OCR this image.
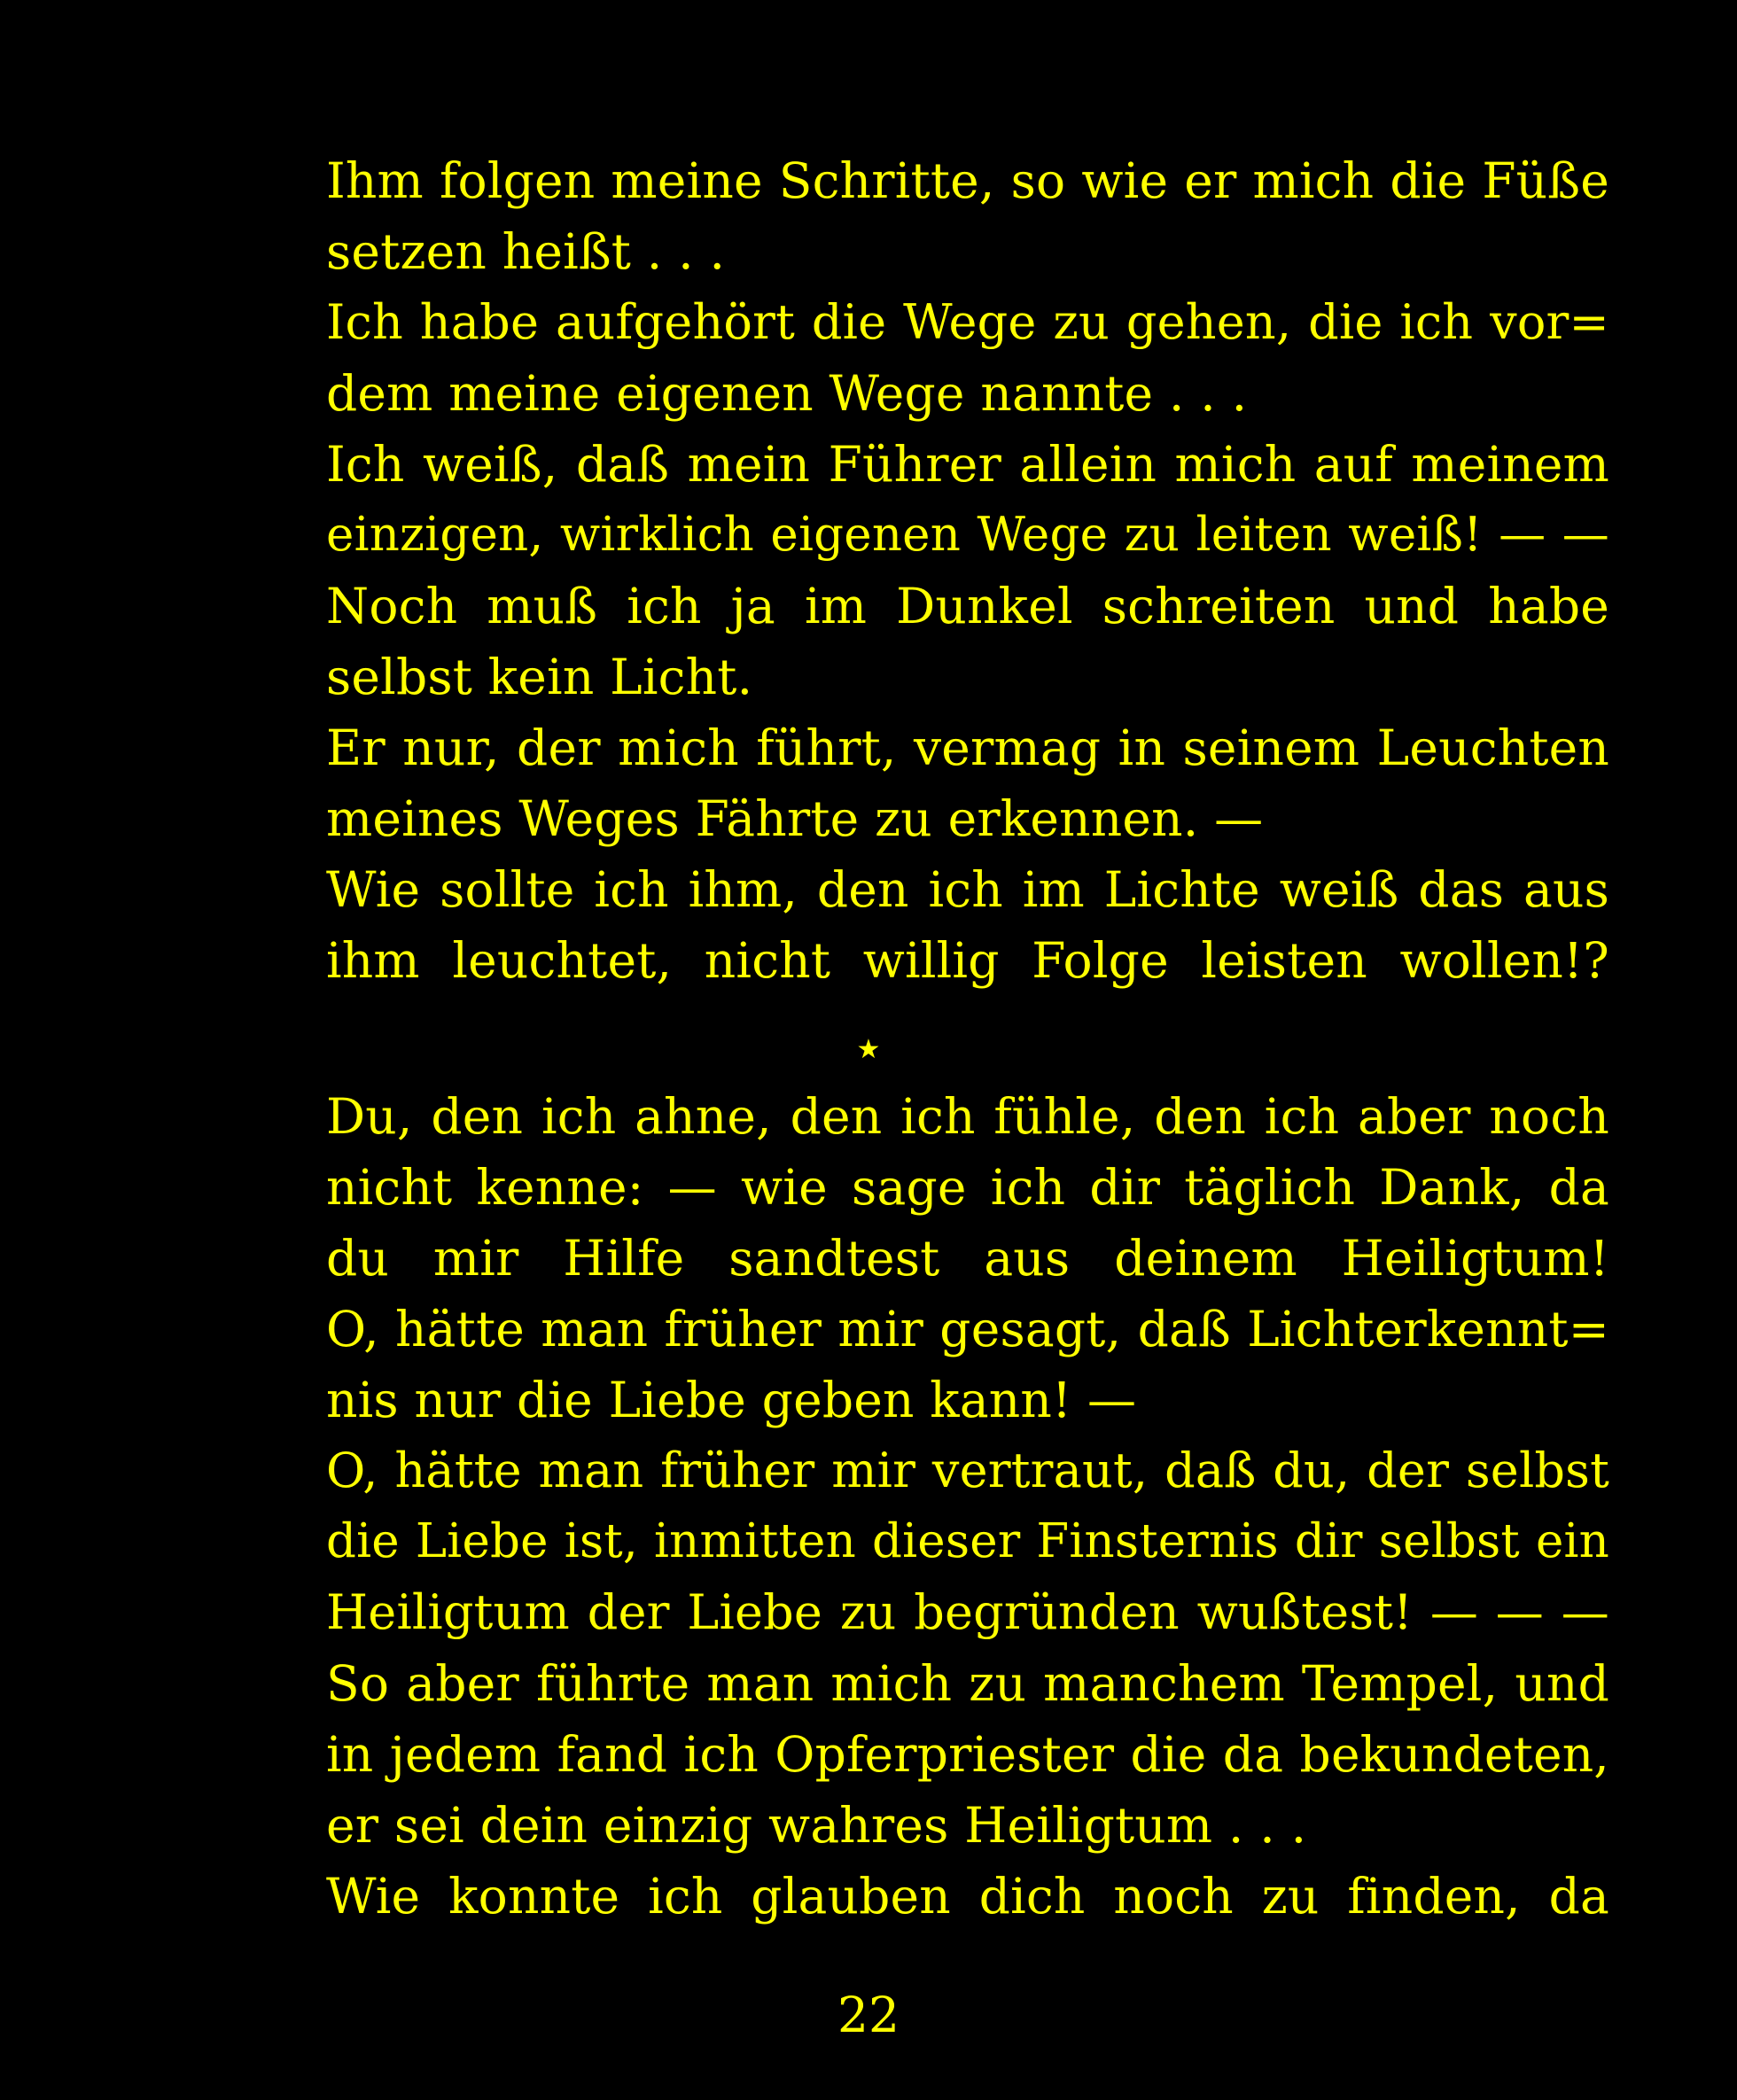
Ihm folgen meine Schritte, so wie er mich die Füße
setzen heißt . . .
Ich habe aufgehört die Wege zu gehen, die ich vor=
dem meine eigenen Wege nannte . . .
Ich weiß, daß mein Führer allein mich auf meinem
einzigen, wirklich eigenen Wege zu leiten weiß! — —
Noch muß ich ja im Dunkel schreiten und habe
selbst kein Licht.
Er nur, der mich führt, vermag in seinem Leuchten
meines Weges Fährte zu erkennen. —
Wie sollte ich ihm, den ich im Lichte weiß das aus
ihm leuchtet, nicht willig Folge leisten wollen!?
★
Du, den ich ahne, den ich fühle, den ich aber noch
nicht kenne: — wie sage ich dir täglich Dank, da
du mir Hilfe sandtest aus deinem Heiligtum!
O, hätte man früher mir gesagt, daß Lichterkennt=
nis nur die Liebe geben kann! —
O, hätte man früher mir vertraut, daß du, der selbst
die Liebe ist, inmitten dieser Finsternis dir selbst ein
Heiligtum der Liebe zu begründen wußtest! — — —
So aber führte man mich zu manchem Tempel, und
in jedem fand ich Opferpriester die da bekundeten,
er sei dein einzig wahres Heiligtum . . .
Wie konnte ich glauben dich noch zu finden, da
22
